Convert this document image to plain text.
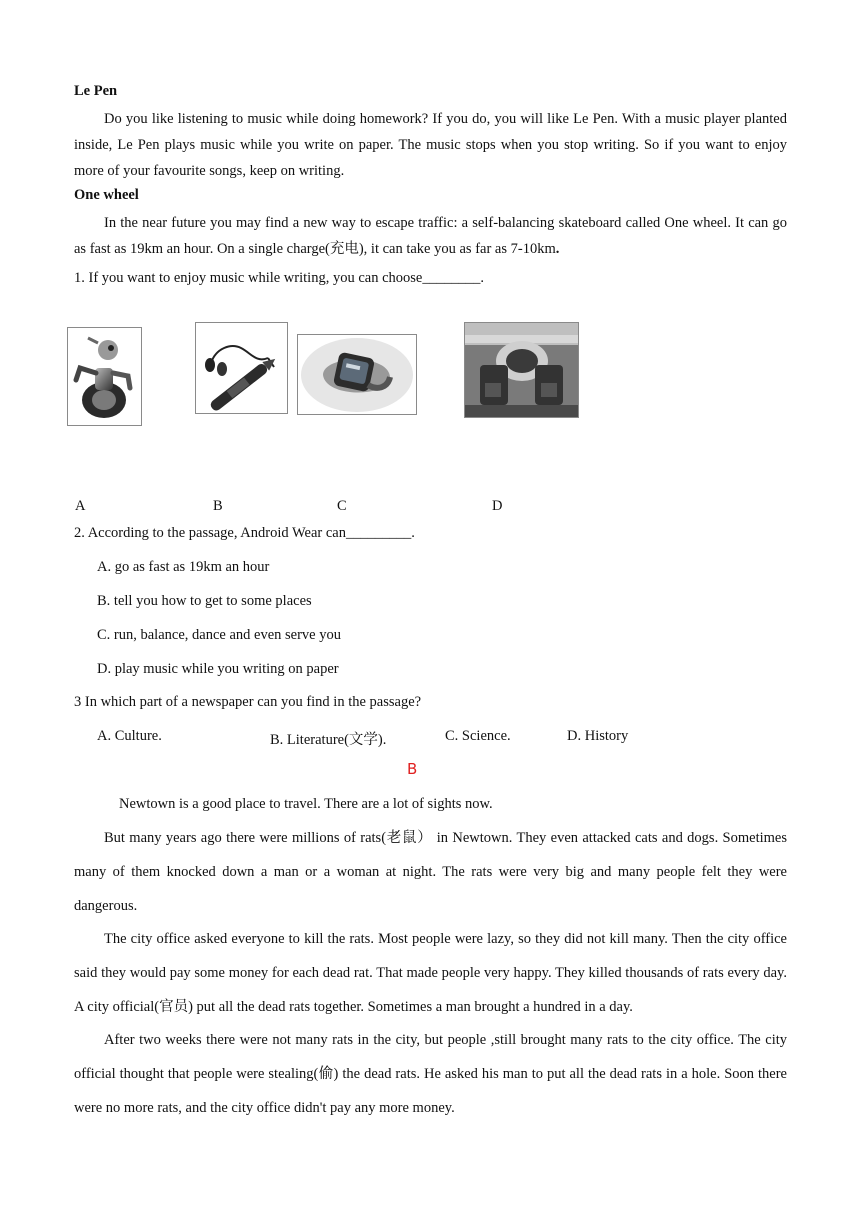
Le Pen
Do you like listening to music while doing homework? If you do, you will like Le Pen. With a music player planted inside, Le Pen plays music while you write on paper. The music stops when you stop writing. So if you want to enjoy more of your favourite songs, keep on writing.
One wheel
In the near future you may find a new way to escape traffic: a self-balancing skateboard called One wheel. It can go as fast as 19km an hour. On a single charge(充电), it can take you as far as 7-10km.
1. If you want to enjoy music while writing, you can choose________.
A	B	C	D
2. According to the passage, Android Wear can_________.
A. go as fast as 19km an hour
B. tell you how to get to some places
C. run, balance, dance and even serve you
D. play music while you writing on paper
3 In which part of a newspaper can you find in the passage?
A. Culture.	B. Literature(文学).	C. Science.	D. History
B
Newtown is a good place to travel. There are a lot of sights now.
But many years ago there were millions of rats(老鼠） in Newtown. They even attacked cats and dogs. Sometimes many of them knocked down a man or a woman at night. The rats were very big and many people felt they were dangerous.
The city office asked everyone to kill the rats. Most people were lazy, so they did not kill many. Then the city office said they would pay some money for each dead rat. That made people very happy. They killed thousands of rats every day. A city official(官员) put all the dead rats together. Sometimes a man brought a hundred in a day.
After two weeks there were not many rats in the city, but people ,still brought many rats to the city office. The city official thought that people were stealing(偷) the dead rats. He asked his man to put all the dead rats in a hole. Soon there were no more rats, and the city office didn't pay any more money.
